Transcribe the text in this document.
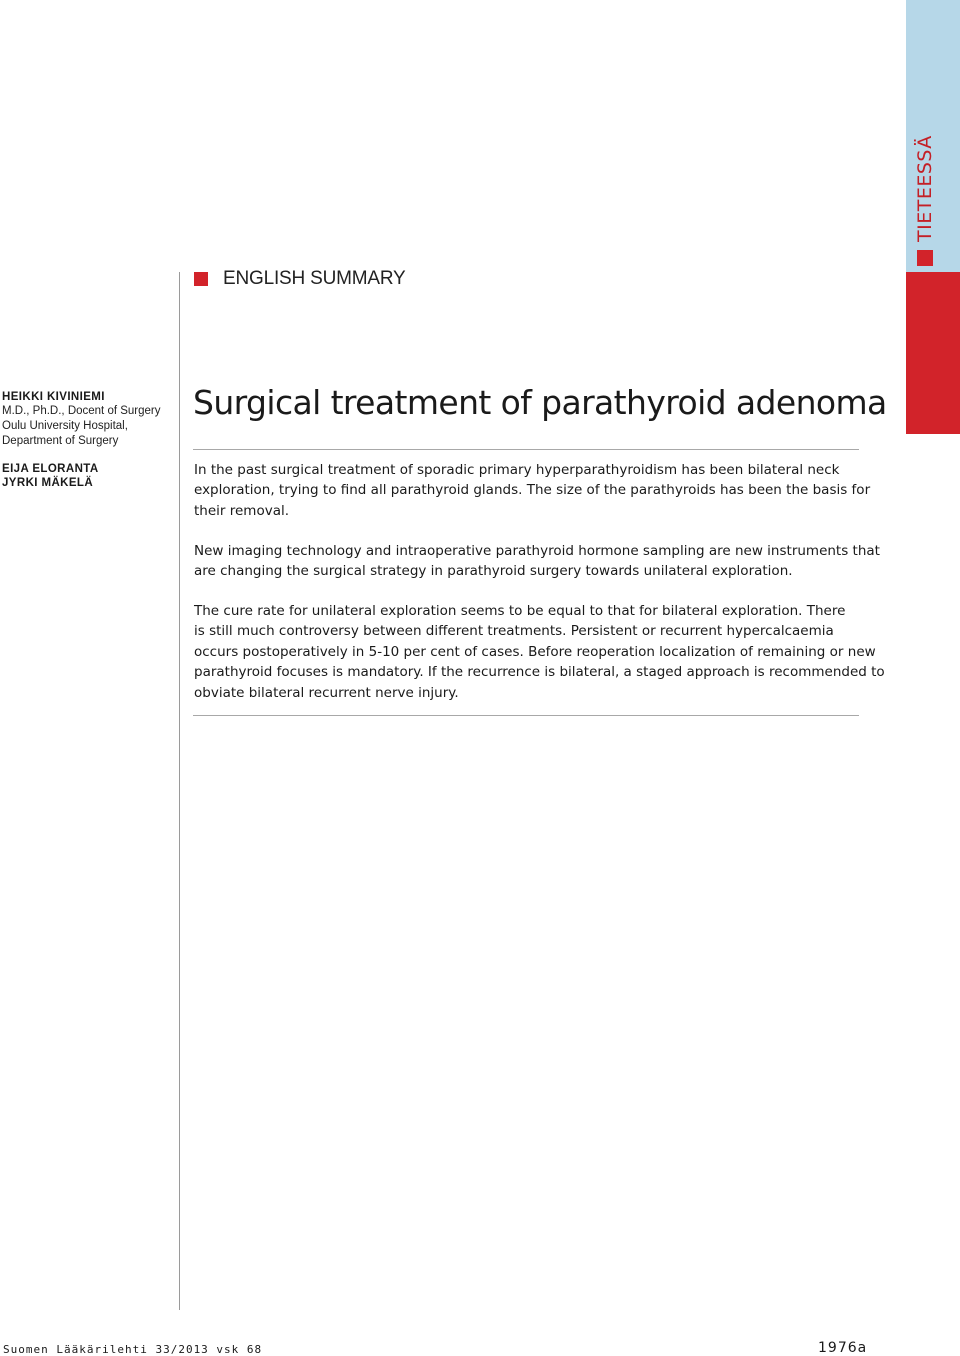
TIETEESSÄ
ENGLISH SUMMARY
HEIKKI KIVINIEMI
M.D., Ph.D., Docent of Surgery
Oulu University Hospital,
Department of Surgery
EIJA ELORANTA
JYRKI MÄKELÄ
Surgical treatment of parathyroid adenoma
In the past surgical treatment of sporadic primary hyperparathyroidism has been bilateral neck
exploration, trying to find all parathyroid glands. The size of the parathyroids has been the basis for
their removal.
New imaging technology and intraoperative parathyroid hormone sampling are new instruments that
are changing the surgical strategy in parathyroid surgery towards unilateral exploration.
The cure rate for unilateral exploration seems to be equal to that for bilateral exploration. There
is still much controversy between different treatments. Persistent or recurrent hypercalcaemia
occurs postoperatively in 5-10 per cent of cases. Before reoperation localization of remaining or new
parathyroid focuses is mandatory. If the recurrence is bilateral, a staged approach is recommended to
obviate bilateral recurrent nerve injury.
Suomen Lääkärilehti 33/2013 vsk 68	1976a
